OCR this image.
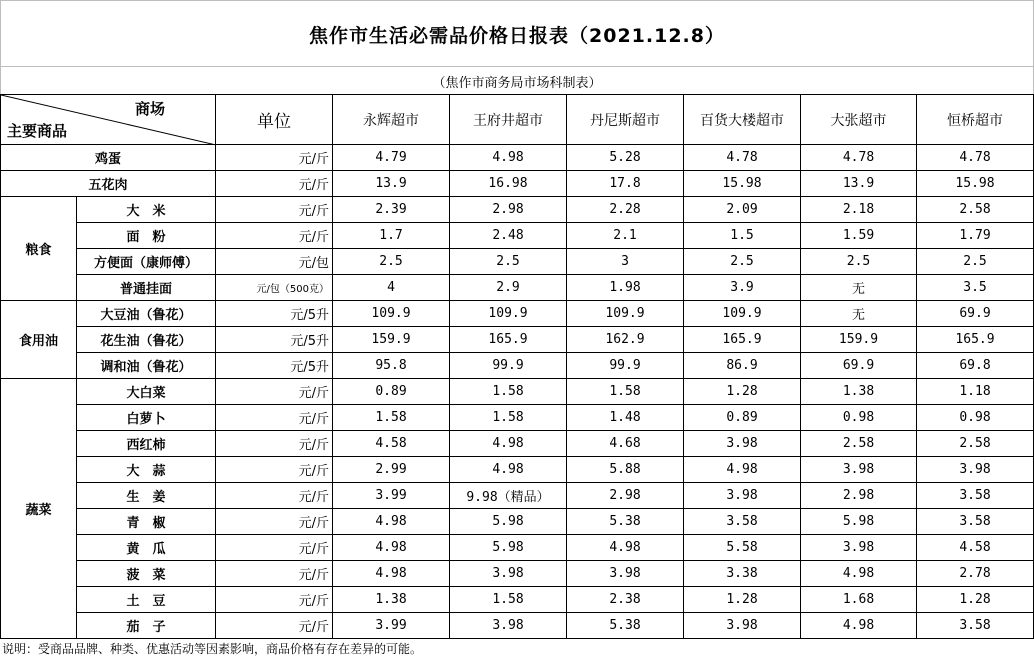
焦作市生活必需品价格日报表（2021.12.8）
（焦作市商务局市场科制表）
商场
主要商品		单位	永辉超市	王府井超市	丹尼斯超市	百货大楼超市	大张超市	恒桥超市
鸡蛋		元/斤	4.79	4.98	5.28	4.78	4.78	4.78
五花肉		元/斤	13.9	16.98	17.8	15.98	13.9	15.98
粮食	大　米	元/斤	2.39	2.98	2.28	2.09	2.18	2.58
	面　粉	元/斤	1.7	2.48	2.1	1.5	1.59	1.79
	方便面（康师傅）	元/包	2.5	2.5	3	2.5	2.5	2.5
	普通挂面	元/包（500克）	4	2.9	1.98	3.9	无	3.5
食用油	大豆油（鲁花）	元/5升	109.9	109.9	109.9	109.9	无	69.9
	花生油（鲁花）	元/5升	159.9	165.9	162.9	165.9	159.9	165.9
	调和油（鲁花）	元/5升	95.8	99.9	99.9	86.9	69.9	69.8
蔬菜	大白菜	元/斤	0.89	1.58	1.58	1.28	1.38	1.18
	白萝卜	元/斤	1.58	1.58	1.48	0.89	0.98	0.98
	西红柿	元/斤	4.58	4.98	4.68	3.98	2.58	2.58
	大　蒜	元/斤	2.99	4.98	5.88	4.98	3.98	3.98
	生　姜	元/斤	3.99	9.98（精品）	2.98	3.98	2.98	3.58
	青　椒	元/斤	4.98	5.98	5.38	3.58	5.98	3.58
	黄　瓜	元/斤	4.98	5.98	4.98	5.58	3.98	4.58
	菠　菜	元/斤	4.98	3.98	3.98	3.38	4.98	2.78
	土　豆	元/斤	1.38	1.58	2.38	1.28	1.68	1.28
	茄　子	元/斤	3.99	3.98	5.38	3.98	4.98	3.58
说明：受商品品牌、种类、优惠活动等因素影响，商品价格有存在差异的可能。
